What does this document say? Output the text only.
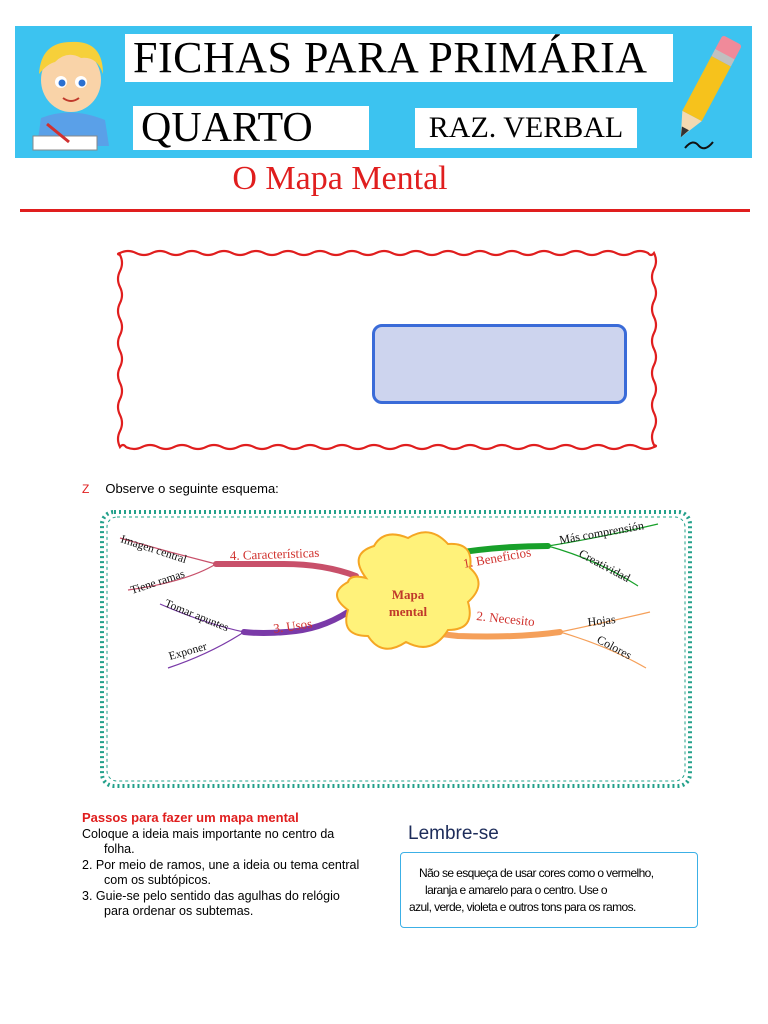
FICHAS PARA PRIMÁRIA
QUARTO	RAZ. VERBAL
O Mapa Mental
Z Observe o seguinte esquema:
Mapa
mental
1. Beneficios
Más comprensión
Creatividad
2. Necesito	Hojas
Colores
3. Usos
Tomar apuntes
Exponer
4. Características
Imagen central
Tiene ramas
Passos para fazer um mapa mental
Coloque a ideia mais importante no centro da
folha.
2. Por meio de ramos, une a ideia ou tema central
com os subtópicos.
3. Guie-se pelo sentido das agulhas do relógio
para ordenar os subtemas.
Lembre-se
Não se esqueça de usar cores como o vermelho,
laranja e amarelo para o centro. Use o
azul, verde, violeta e outros tons para os ramos.
